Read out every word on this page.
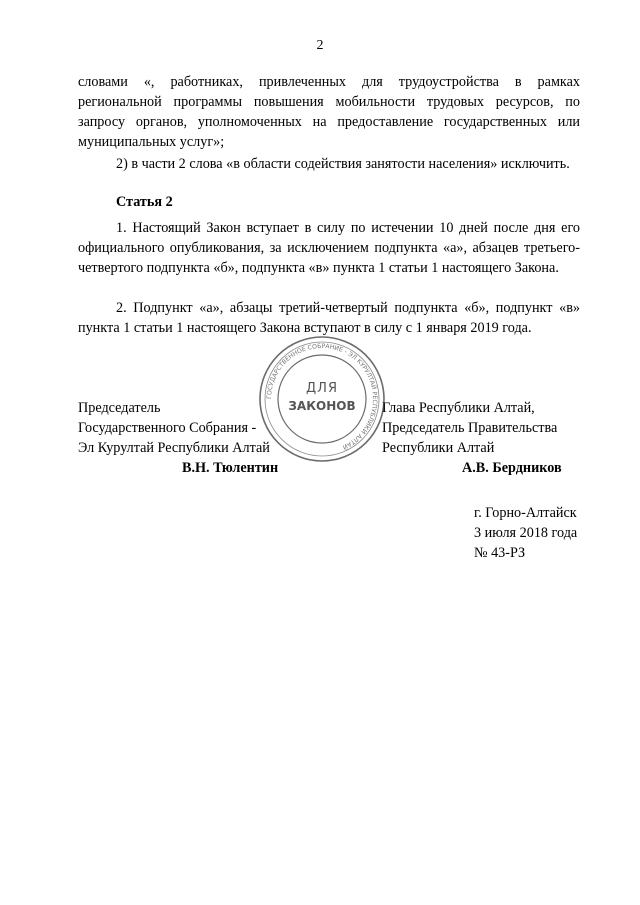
2
словами «, работниках, привлеченных для трудоустройства в рамках региональной программы повышения мобильности трудовых ресурсов, по запросу органов, уполномоченных на предоставление государственных или муниципальных услуг»;
2) в части 2 слова «в области содействия занятости населения» исключить.
Статья 2
1. Настоящий Закон вступает в силу по истечении 10 дней после дня его официального опубликования, за исключением подпункта «а», абзацев третьего-четвертого подпункта «б», подпункта «в» пункта 1 статьи 1 настоящего Закона.
2. Подпункт «а», абзацы третий-четвертый подпункта «б», подпункт «в» пункта 1 статьи 1 настоящего Закона вступают в силу с 1 января 2019 года.
ГОСУДАРСТВЕННОЕ СОБРАНИЕ - ЭЛ КУРУЛТАЙ РЕСПУБЛИКИ АЛТАЙ
ДЛЯ
ЗАКОНОВ
Председатель
Государственного Собрания -
Эл Курултай Республики Алтай
В.Н. Тюлентин
Глава Республики Алтай,
Председатель Правительства
Республики Алтай
А.В. Бердников
г. Горно-Алтайск
3 июля 2018 года
№ 43-РЗ
